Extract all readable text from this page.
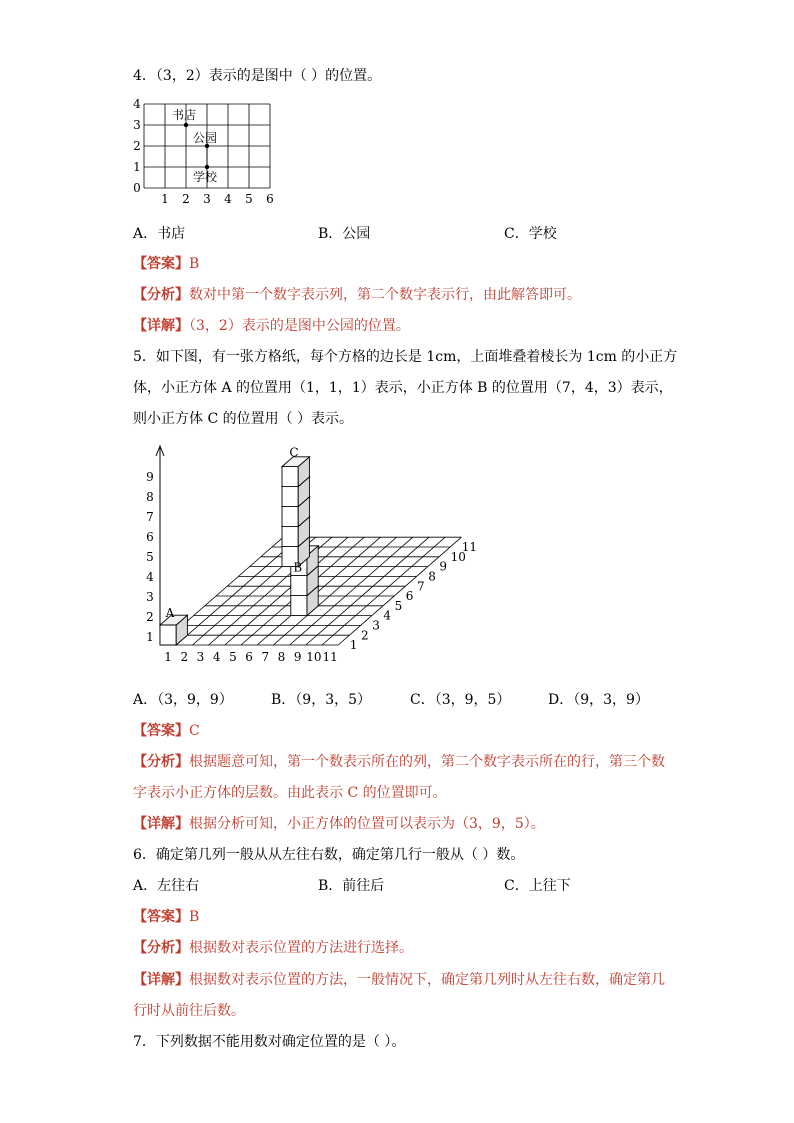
4．（3，2）表示的是图中（ ）的位置。
1 2 3 4 5 6
0
1
2
3
4
书店
公园
学校
A．书店	B．公园	C．学校
【答案】B
【分析】数对中第一个数字表示列，第二个数字表示行，由此解答即可。
【详解】（3，2）表示的是图中公园的位置。
5．如下图，有一张方格纸，每个方格的边长是 1cm，上面堆叠着棱长为 1cm 的小正方
体，小正方体 A 的位置用（1，1，1）表示，小正方体 B 的位置用（7，4，3）表示，
则小正方体 C 的位置用（ ）表示。
A
B
C
1
2
3
4
5
6
7
8
9
1 2 3 4 5 6 7 8 9 10 11
1
2
3
4
5
6
7
8
9
10
11
A．（3，9，9）	B．（9，3，5）	C．（3，9，5）	D．（9，3，9）
【答案】C
【分析】根据题意可知，第一个数表示所在的列，第二个数字表示所在的行，第三个数
字表示小正方体的层数。由此表示 C 的位置即可。
【详解】根据分析可知，小正方体的位置可以表示为（3，9，5）。
6．确定第几列一般从从左往右数，确定第几行一般从（ ）数。
A．左往右	B．前往后	C．上往下
【答案】B
【分析】根据数对表示位置的方法进行选择。
【详解】根据数对表示位置的方法，一般情况下，确定第几列时从左往右数，确定第几
行时从前往后数。
7．下列数据不能用数对确定位置的是（ ）。
